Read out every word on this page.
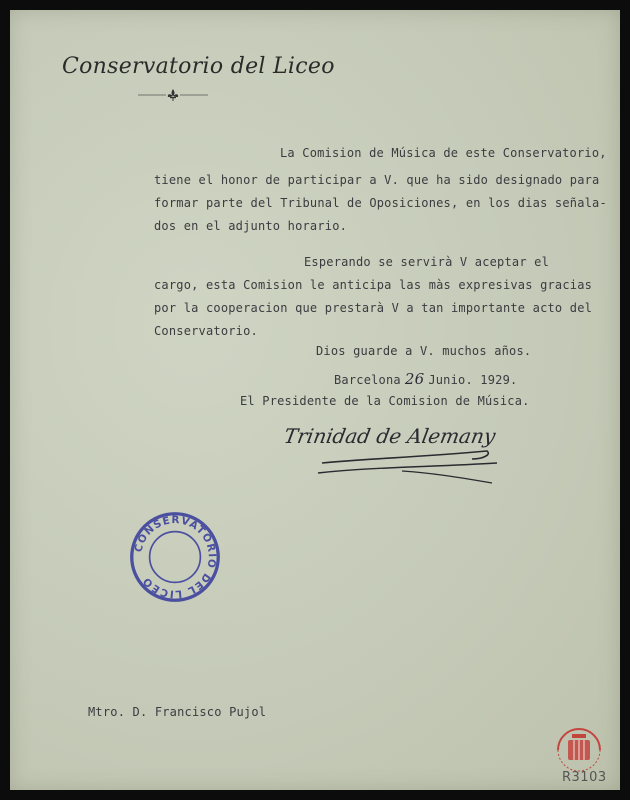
Conservatorio del Liceo
La Comision de Música de este Conservatorio,
tiene el honor de participar a V. que ha sido designado para
formar parte del Tribunal de Oposiciones, en los dias señala-
dos en el adjunto horario.
Esperando se servirà V aceptar el
cargo, esta Comision le anticipa las màs expresivas gracias
por la cooperacion que prestarà V a tan importante acto del
Conservatorio.
Dios guarde a V. muchos años.
Barcelona 26 Junio. 1929.
El Presidente de la Comision de Música.
Trinidad de Alemany
CONSERVATORIO DEL LICEO
Mtro. D. Francisco Pujol
R3103
